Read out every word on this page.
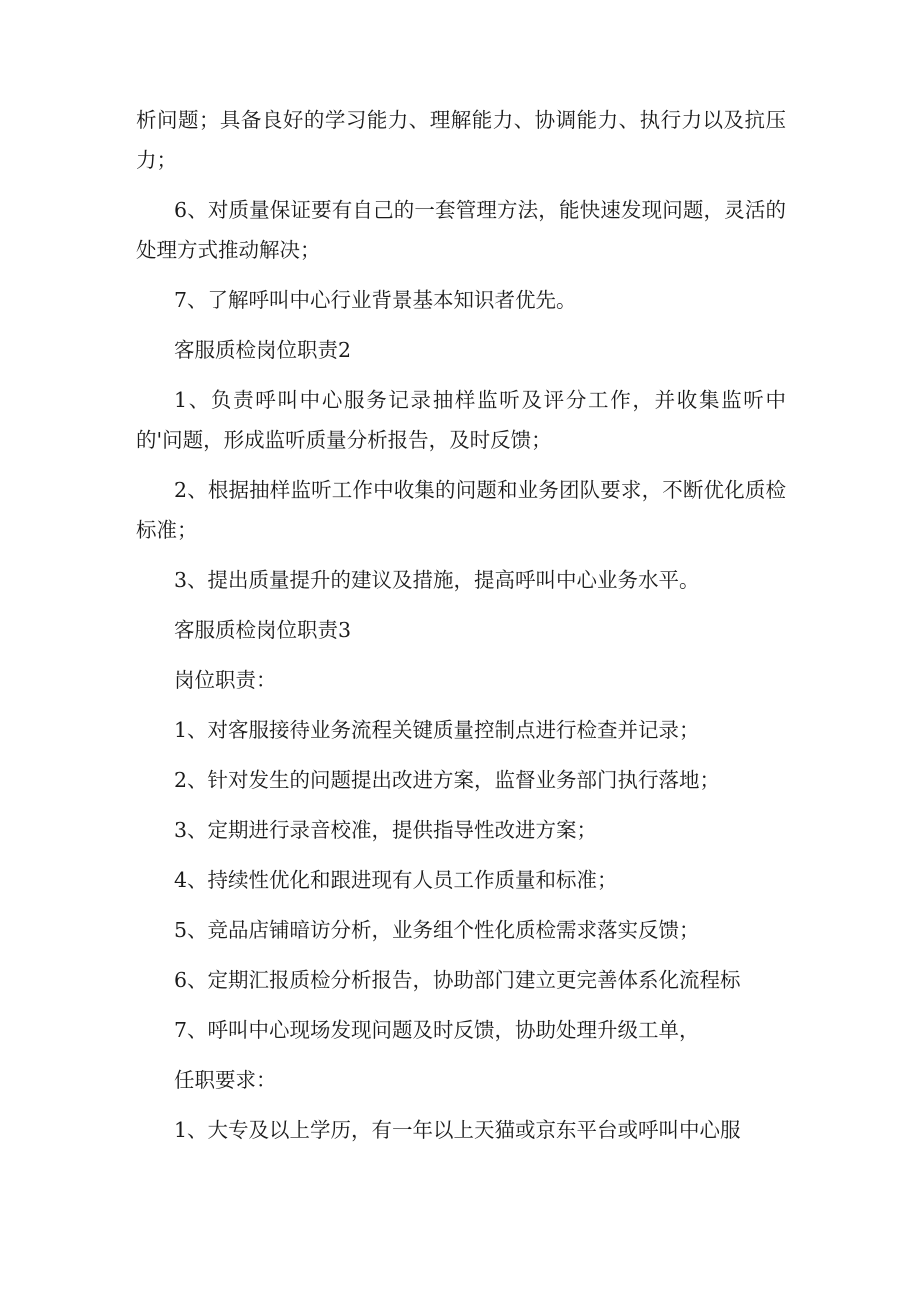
析问题；具备良好的学习能力、理解能力、协调能力、执行力以及抗压力；

6、对质量保证要有自己的一套管理方法，能快速发现问题，灵活的处理方式推动解决；

7、了解呼叫中心行业背景基本知识者优先。

客服质检岗位职责2

1、负责呼叫中心服务记录抽样监听及评分工作，并收集监听中的'问题，形成监听质量分析报告，及时反馈；

2、根据抽样监听工作中收集的问题和业务团队要求，不断优化质检标准；

3、提出质量提升的建议及措施，提高呼叫中心业务水平。

客服质检岗位职责3

岗位职责：

1、对客服接待业务流程关键质量控制点进行检查并记录；

2、针对发生的问题提出改进方案，监督业务部门执行落地；

3、定期进行录音校准，提供指导性改进方案；

4、持续性优化和跟进现有人员工作质量和标准；

5、竞品店铺暗访分析，业务组个性化质检需求落实反馈；

6、定期汇报质检分析报告，协助部门建立更完善体系化流程标

7、呼叫中心现场发现问题及时反馈，协助处理升级工单，

任职要求：

1、大专及以上学历，有一年以上天猫或京东平台或呼叫中心服
